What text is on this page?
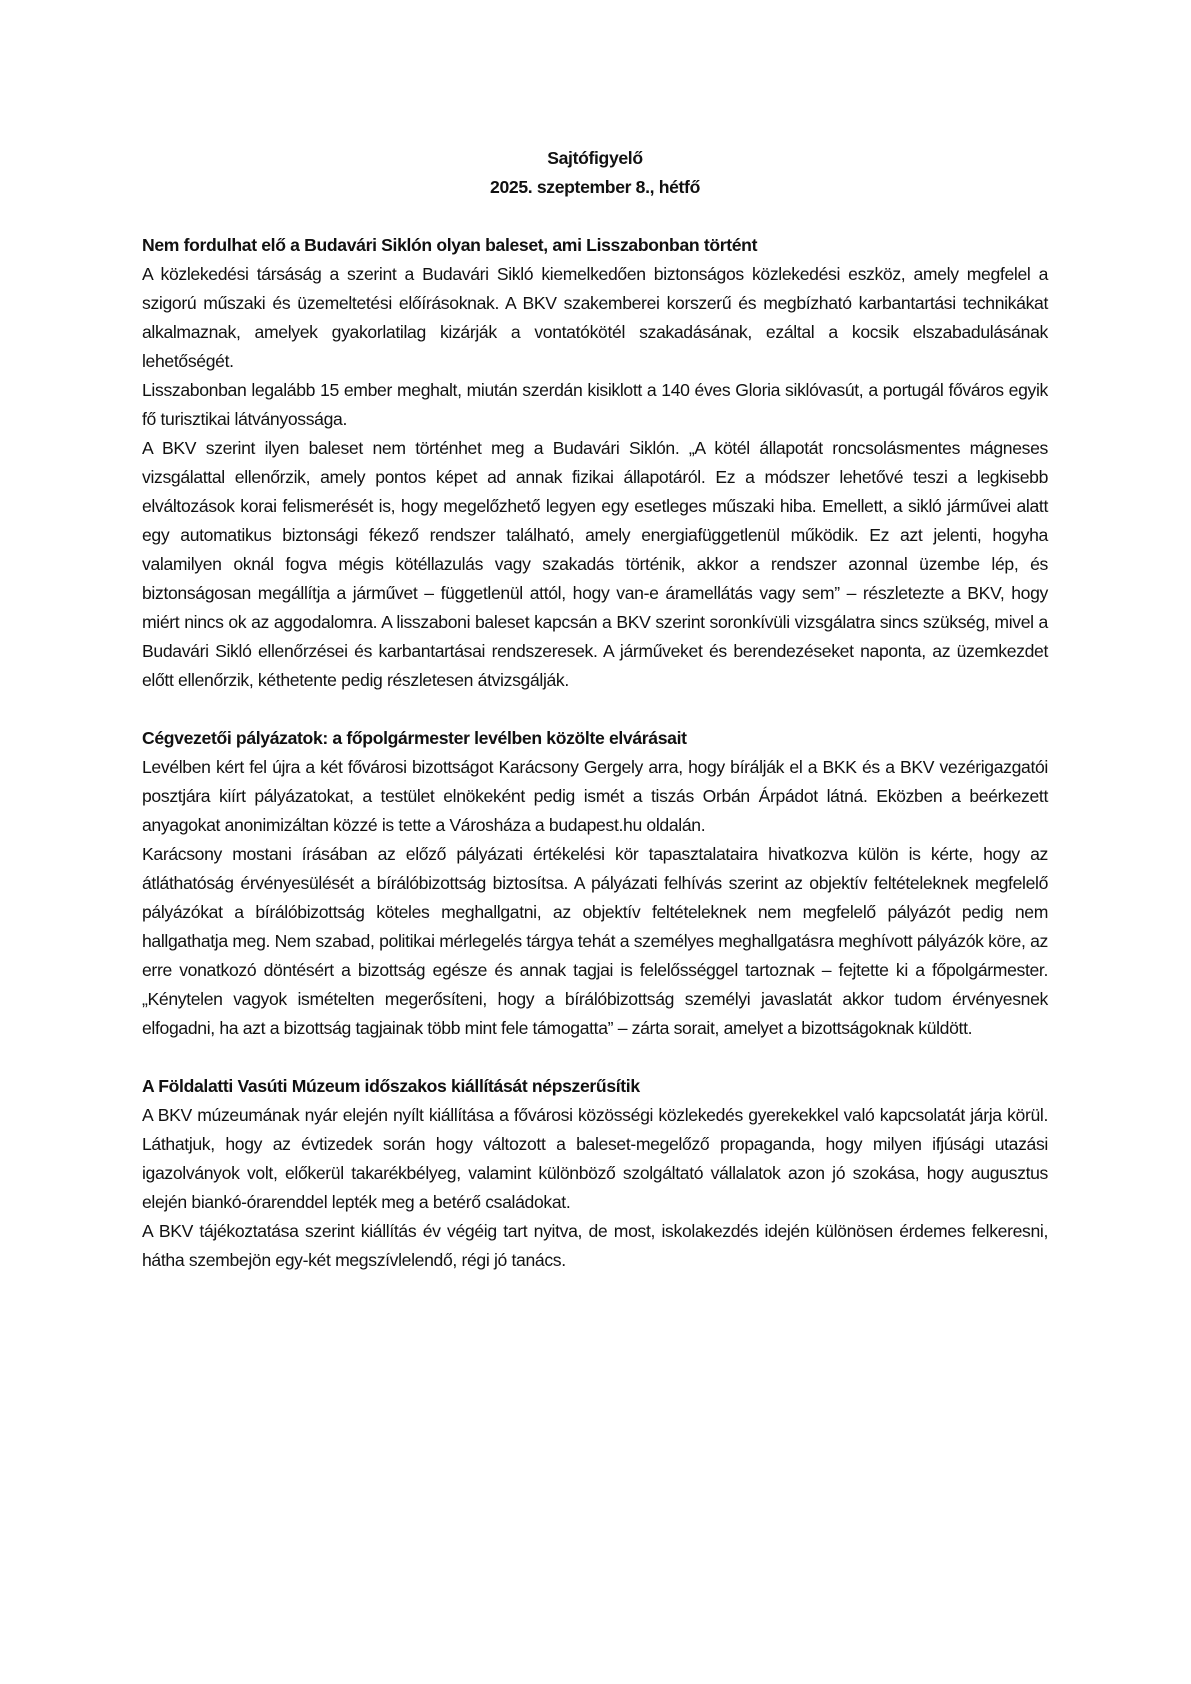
Sajtófigyelő
2025. szeptember 8., hétfő
Nem fordulhat elő a Budavári Siklón olyan baleset, ami Lisszabonban történt

A közlekedési társáság a szerint a Budavári Sikló kiemelkedően biztonságos közlekedési eszköz, amely megfelel a szigorú műszaki és üzemeltetési előírásoknak. A BKV szakemberei korszerű és megbízható karbantartási technikákat alkalmaznak, amelyek gyakorlatilag kizárják a vontatókötél szakadásának, ezáltal a kocsik elszabadulásának lehetőségét.

Lisszabonban legalább 15 ember meghalt, miután szerdán kisiklott a 140 éves Gloria siklóvasút, a portugál főváros egyik fő turisztikai látványossága.

A BKV szerint ilyen baleset nem történhet meg a Budavári Siklón. „A kötél állapotát roncsolásmentes mágneses vizsgálattal ellenőrzik, amely pontos képet ad annak fizikai állapotáról. Ez a módszer lehetővé teszi a legkisebb elváltozások korai felismerését is, hogy megelőzhető legyen egy esetleges műszaki hiba. Emellett, a sikló járművei alatt egy automatikus biztonsági fékező rendszer található, amely energiafüggetlenül működik. Ez azt jelenti, hogyha valamilyen oknál fogva mégis kötéllazulás vagy szakadás történik, akkor a rendszer azonnal üzembe lép, és biztonságosan megállítja a járművet – függetlenül attól, hogy van-e áramellátás vagy sem” – részletezte a BKV, hogy miért nincs ok az aggodalomra. A lisszaboni baleset kapcsán a BKV szerint soronkívüli vizsgálatra sincs szükség, mivel a Budavári Sikló ellenőrzései és karbantartásai rendszeresek. A járműveket és berendezéseket naponta, az üzemkezdet előtt ellenőrzik, kéthetente pedig részletesen átvizsgálják.

Cégvezetői pályázatok: a főpolgármester levélben közölte elvárásait

Levélben kért fel újra a két fővárosi bizottságot Karácsony Gergely arra, hogy bírálják el a BKK és a BKV vezérigazgatói posztjára kiírt pályázatokat, a testület elnökeként pedig ismét a tiszás Orbán Árpádot látná. Eközben a beérkezett anyagokat anonimizáltan közzé is tette a Városháza a budapest.hu oldalán.

Karácsony mostani írásában az előző pályázati értékelési kör tapasztalataira hivatkozva külön is kérte, hogy az átláthatóság érvényesülését a bírálóbizottság biztosítsa. A pályázati felhívás szerint az objektív feltételeknek megfelelő pályázókat a bírálóbizottság köteles meghallgatni, az objektív feltételeknek nem megfelelő pályázót pedig nem hallgathatja meg. Nem szabad, politikai mérlegelés tárgya tehát a személyes meghallgatásra meghívott pályázók köre, az erre vonatkozó döntésért a bizottság egésze és annak tagjai is felelősséggel tartoznak – fejtette ki a főpolgármester. „Kénytelen vagyok ismételten megerősíteni, hogy a bírálóbizottság személyi javaslatát akkor tudom érvényesnek elfogadni, ha azt a bizottság tagjainak több mint fele támogatta” – zárta sorait, amelyet a bizottságoknak küldött.

A Földalatti Vasúti Múzeum időszakos kiállítását népszerűsítik

A BKV múzeumának nyár elején nyílt kiállítása a fővárosi közösségi közlekedés gyerekekkel való kapcsolatát járja körül. Láthatjuk, hogy az évtizedek során hogy változott a baleset-megelőző propaganda, hogy milyen ifjúsági utazási igazolványok volt, előkerül takarékbélyeg, valamint különböző szolgáltató vállalatok azon jó szokása, hogy augusztus elején biankó-órarenddel lepték meg a betérő családokat.

A BKV tájékoztatása szerint kiállítás év végéig tart nyitva, de most, iskolakezdés idején különösen érdemes felkeresni, hátha szembejön egy-két megszívlelendő, régi jó tanács.
